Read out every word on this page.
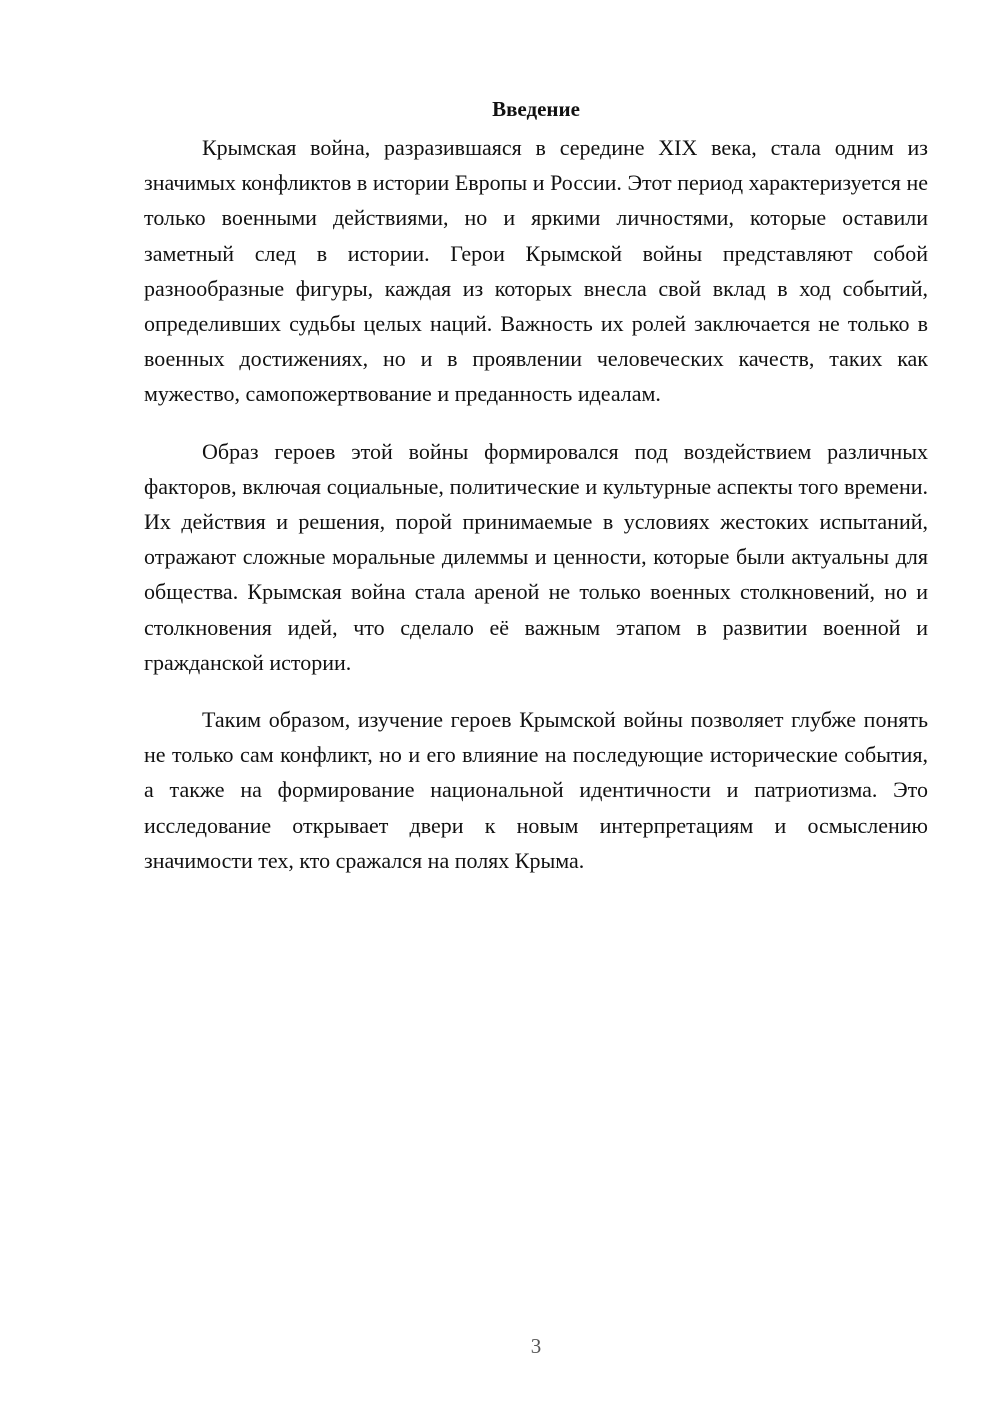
Введение

Крымская война, разразившаяся в середине XIX века, стала одним из значимых конфликтов в истории Европы и России. Этот период характеризуется не только военными действиями, но и яркими личностями, которые оставили заметный след в истории. Герои Крымской войны представляют собой разнообразные фигуры, каждая из которых внесла свой вклад в ход событий, определивших судьбы целых наций. Важность их ролей заключается не только в военных достижениях, но и в проявлении человеческих качеств, таких как мужество, самопожертвование и преданность идеалам.

Образ героев этой войны формировался под воздействием различных факторов, включая социальные, политические и культурные аспекты того времени. Их действия и решения, порой принимаемые в условиях жестоких испытаний, отражают сложные моральные дилеммы и ценности, которые были актуальны для общества. Крымская война стала ареной не только военных столкновений, но и столкновения идей, что сделало её важным этапом в развитии военной и гражданской истории.

Таким образом, изучение героев Крымской войны позволяет глубже понять не только сам конфликт, но и его влияние на последующие исторические события, а также на формирование национальной идентичности и патриотизма. Это исследование открывает двери к новым интерпретациям и осмыслению значимости тех, кто сражался на полях Крыма.

3
